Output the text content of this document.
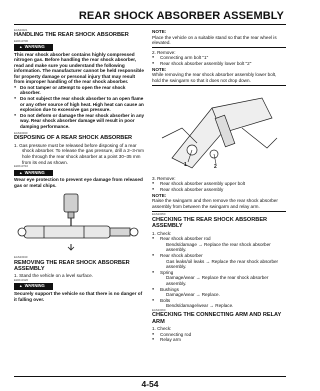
REAR SHOCK ABSORBER ASSEMBLY
EAS23021
HANDLING THE REAR SHOCK ABSORBER
EWA13700
▲ WARNING
This rear shock absorber contains highly compressed nitrogen gas. Before handling the rear shock absorber, read and make sure you understand the following information. The manufacturer cannot be held responsible for property damage or personal injury that may result from improper handling of the rear shock absorber.
● Do not tamper or attempt to open the rear shock absorber.
● Do not subject the rear shock absorber to an open flame or any other source of high heat. High heat can cause an explosion due to excessive gas pressure.
● Do not deform or damage the rear shock absorber in any way. Rear shock absorber damage will result in poor damping performance.
EAS23030
DISPOSING OF A REAR SHOCK ABSORBER
1. Gas pressure must be released before disposing of a rear shock absorber. To release the gas pressure, drill a 2–3-mm hole through the rear shock absorber at a point 30–35 mm from its end as shown.
EWA13710
▲ WARNING
Wear eye protection to prevent eye damage from released gas or metal chips.
EAS23040
REMOVING THE REAR SHOCK ABSORBER ASSEMBLY
1. Stand the vehicle on a level surface.
EWA13120
▲ WARNING
Securely support the vehicle so that there is no danger of it falling over.
NOTE:
Place the vehicle on a suitable stand so that the rear wheel is elevated.
2. Remove:
● Connecting arm bolt "1"
● Rear shock absorber assembly lower bolt "2"
NOTE:
While removing the rear shock absorber assembly lower bolt, hold the swingarm so that it does not drop down.
1	2
3. Remove:
● Rear shock absorber assembly upper bolt
● Rear shock absorber assembly
NOTE:
Raise the swingarm and then remove the rear shock absorber assembly from between the swingarm and relay arm.
EAS23050
CHECKING THE REAR SHOCK ABSORBER ASSEMBLY
1. Check:
● Rear shock absorber rod
Bends/damage → Replace the rear shock absorber assembly.
● Rear shock absorber
Gas leaks/oil leaks → Replace the rear shock absorber assembly.
● Spring
Damage/wear → Replace the rear shock absorber assembly.
● Bushings
Damage/wear → Replace.
● Bolts
Bends/damage/wear → Replace.
EAS23060
CHECKING THE CONNECTING ARM AND RELAY ARM
1. Check:
● Connecting rod
● Relay arm
4-54
